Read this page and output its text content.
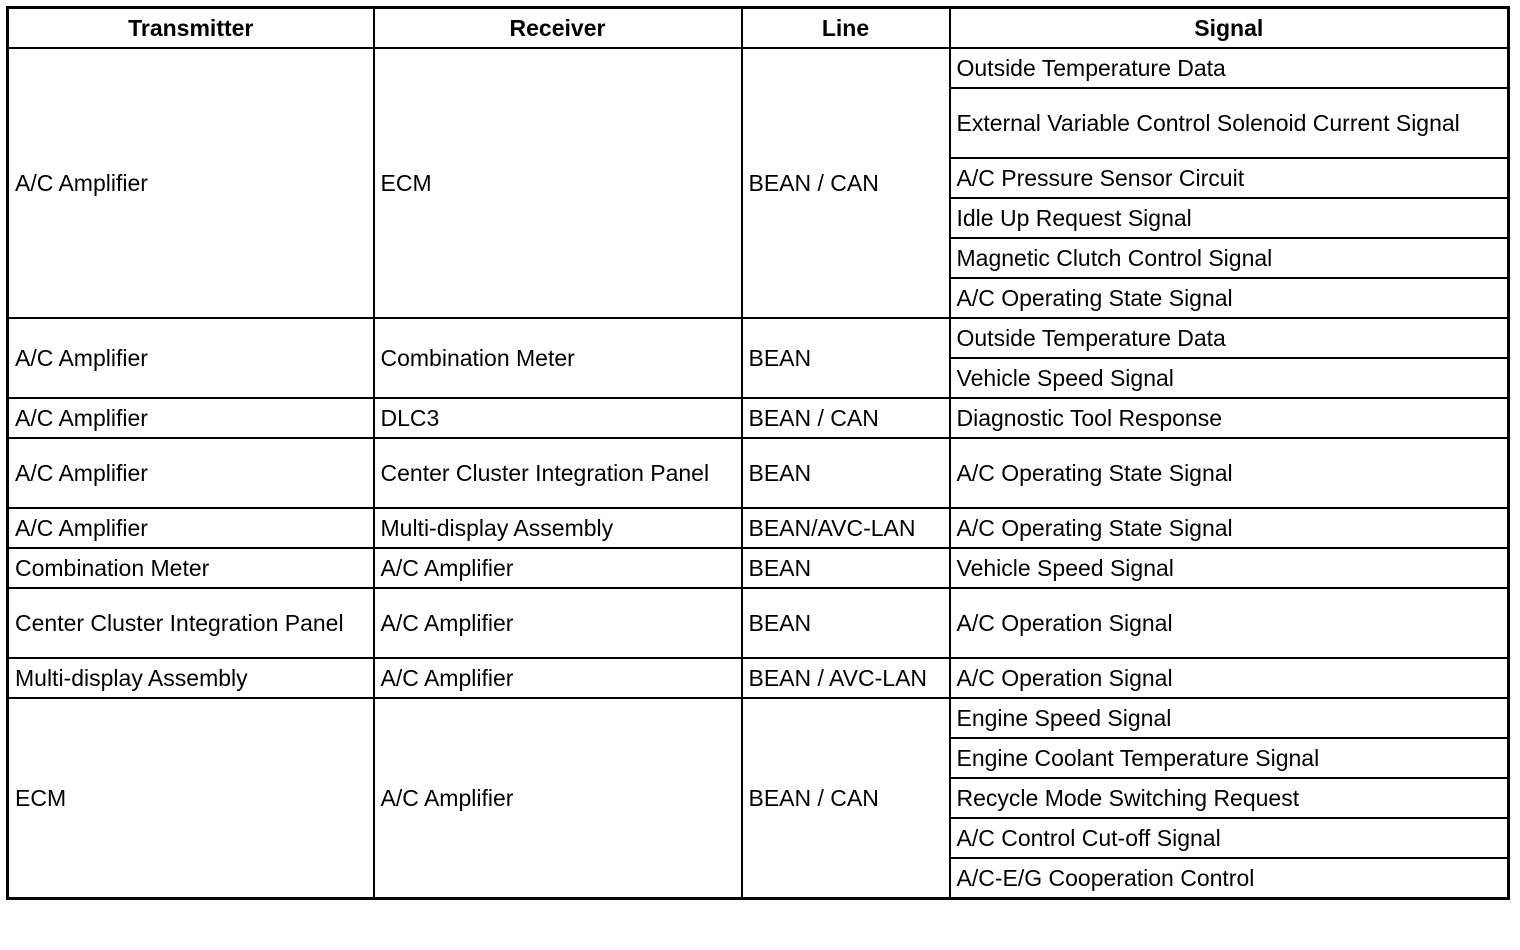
Transmitter	Receiver	Line	Signal
A/C Amplifier	ECM	BEAN / CAN	Outside Temperature Data
			External Variable Control Solenoid Current Signal
			A/C Pressure Sensor Circuit
			Idle Up Request Signal
			Magnetic Clutch Control Signal
			A/C Operating State Signal
A/C Amplifier	Combination Meter	BEAN	Outside Temperature Data
			Vehicle Speed Signal
A/C Amplifier	DLC3	BEAN / CAN	Diagnostic Tool Response
A/C Amplifier	Center Cluster Integration Panel	BEAN	A/C Operating State Signal
A/C Amplifier	Multi-display Assembly	BEAN/AVC-LAN	A/C Operating State Signal
Combination Meter	A/C Amplifier	BEAN	Vehicle Speed Signal
Center Cluster Integration Panel	A/C Amplifier	BEAN	A/C Operation Signal
Multi-display Assembly	A/C Amplifier	BEAN / AVC-LAN	A/C Operation Signal
ECM	A/C Amplifier	BEAN / CAN	Engine Speed Signal
			Engine Coolant Temperature Signal
			Recycle Mode Switching Request
			A/C Control Cut-off Signal
			A/C-E/G Cooperation Control
